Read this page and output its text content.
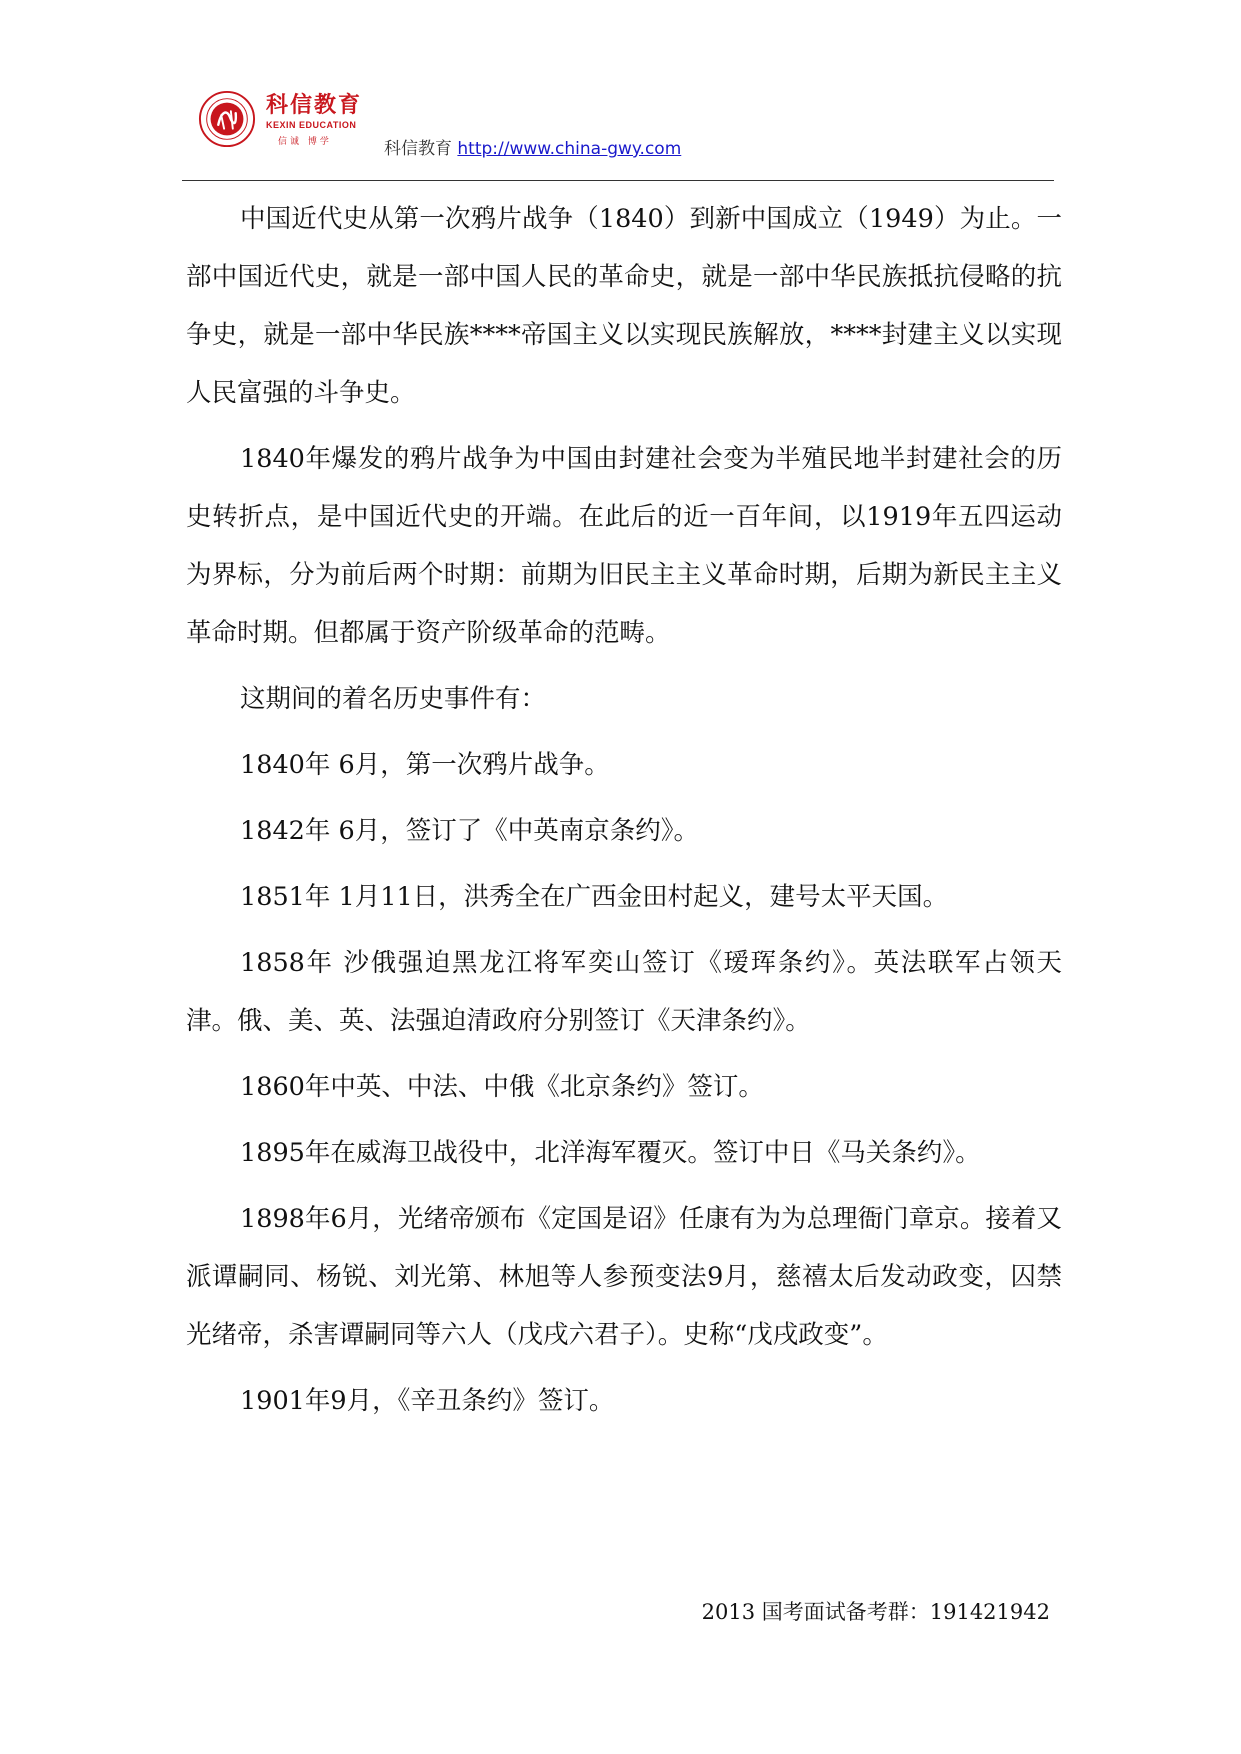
科信教育
KEXIN EDUCATION
信诚 博学	科信教育 http://www.china-gwy.com

中国近代史从第一次鸦片战争（1840）到新中国成立（1949）为止。一部中国近代史，就是一部中国人民的革命史，就是一部中华民族抵抗侵略的抗争史，就是一部中华民族****帝国主义以实现民族解放，****封建主义以实现人民富强的斗争史。

1840年爆发的鸦片战争为中国由封建社会变为半殖民地半封建社会的历史转折点，是中国近代史的开端。在此后的近一百年间，以1919年五四运动为界标，分为前后两个时期：前期为旧民主主义革命时期，后期为新民主主义革命时期。但都属于资产阶级革命的范畴。

这期间的着名历史事件有：

1840年 6月，第一次鸦片战争。

1842年 6月，签订了《中英南京条约》。

1851年 1月11日，洪秀全在广西金田村起义，建号太平天国。

1858年 沙俄强迫黑龙江将军奕山签订《瑷珲条约》。英法联军占领天津。俄、美、英、法强迫清政府分别签订《天津条约》。

1860年中英、中法、中俄《北京条约》签订。

1895年在威海卫战役中，北洋海军覆灭。签订中日《马关条约》。

1898年6月，光绪帝颁布《定国是诏》任康有为为总理衙门章京。接着又派谭嗣同、杨锐、刘光第、林旭等人参预变法9月，慈禧太后发动政变，囚禁光绪帝，杀害谭嗣同等六人（戊戌六君子）。史称“戊戌政变”。

1901年9月，《辛丑条约》签订。

2013 国考面试备考群：191421942
